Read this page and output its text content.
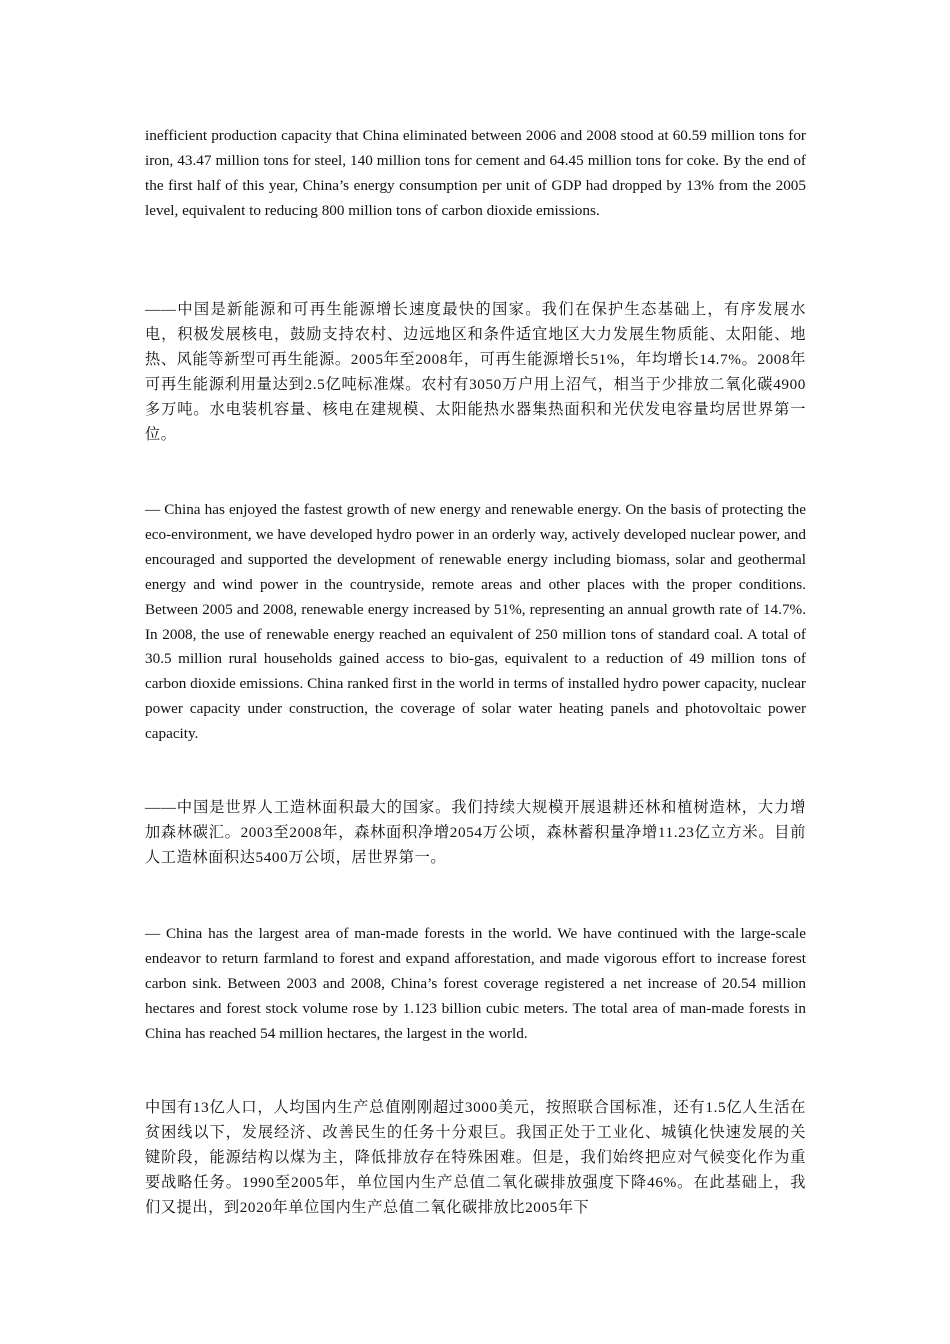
inefficient production capacity that China eliminated between 2006 and 2008 stood at 60.59 million tons for iron, 43.47 million tons for steel, 140 million tons for cement and 64.45 million tons for coke. By the end of the first half of this year, China’s energy consumption per unit of GDP had dropped by 13% from the 2005 level, equivalent to reducing 800 million tons of carbon dioxide emissions.

——中国是新能源和可再生能源增长速度最快的国家。我们在保护生态基础上，有序发展水电，积极发展核电，鼓励支持农村、边远地区和条件适宜地区大力发展生物质能、太阳能、地热、风能等新型可再生能源。2005年至2008年，可再生能源增长51%，年均增长14.7%。2008年可再生能源利用量达到2.5亿吨标准煤。农村有3050万户用上沼气，相当于少排放二氧化碳4900多万吨。水电装机容量、核电在建规模、太阳能热水器集热面积和光伏发电容量均居世界第一位。

— China has enjoyed the fastest growth of new energy and renewable energy. On the basis of protecting the eco-environment, we have developed hydro power in an orderly way, actively developed nuclear power, and encouraged and supported the development of renewable energy including biomass, solar and geothermal energy and wind power in the countryside, remote areas and other places with the proper conditions. Between 2005 and 2008, renewable energy increased by 51%, representing an annual growth rate of 14.7%. In 2008, the use of renewable energy reached an equivalent of 250 million tons of standard coal. A total of 30.5 million rural households gained access to bio-gas, equivalent to a reduction of 49 million tons of carbon dioxide emissions. China ranked first in the world in terms of installed hydro power capacity, nuclear power capacity under construction, the coverage of solar water heating panels and photovoltaic power capacity.

——中国是世界人工造林面积最大的国家。我们持续大规模开展退耕还林和植树造林，大力增加森林碳汇。2003至2008年，森林面积净增2054万公顷，森林蓄积量净增11.23亿立方米。目前人工造林面积达5400万公顷，居世界第一。

— China has the largest area of man-made forests in the world. We have continued with the large-scale endeavor to return farmland to forest and expand afforestation, and made vigorous effort to increase forest carbon sink. Between 2003 and 2008, China’s forest coverage registered a net increase of 20.54 million hectares and forest stock volume rose by 1.123 billion cubic meters. The total area of man-made forests in China has reached 54 million hectares, the largest in the world.

中国有13亿人口，人均国内生产总值刚刚超过3000美元，按照联合国标准，还有1.5亿人生活在贫困线以下，发展经济、改善民生的任务十分艰巨。我国正处于工业化、城镇化快速发展的关键阶段，能源结构以煤为主，降低排放存在特殊困难。但是，我们始终把应对气候变化作为重要战略任务。1990至2005年，单位国内生产总值二氧化碳排放强度下降46%。在此基础上，我们又提出，到2020年单位国内生产总值二氧化碳排放比2005年下
